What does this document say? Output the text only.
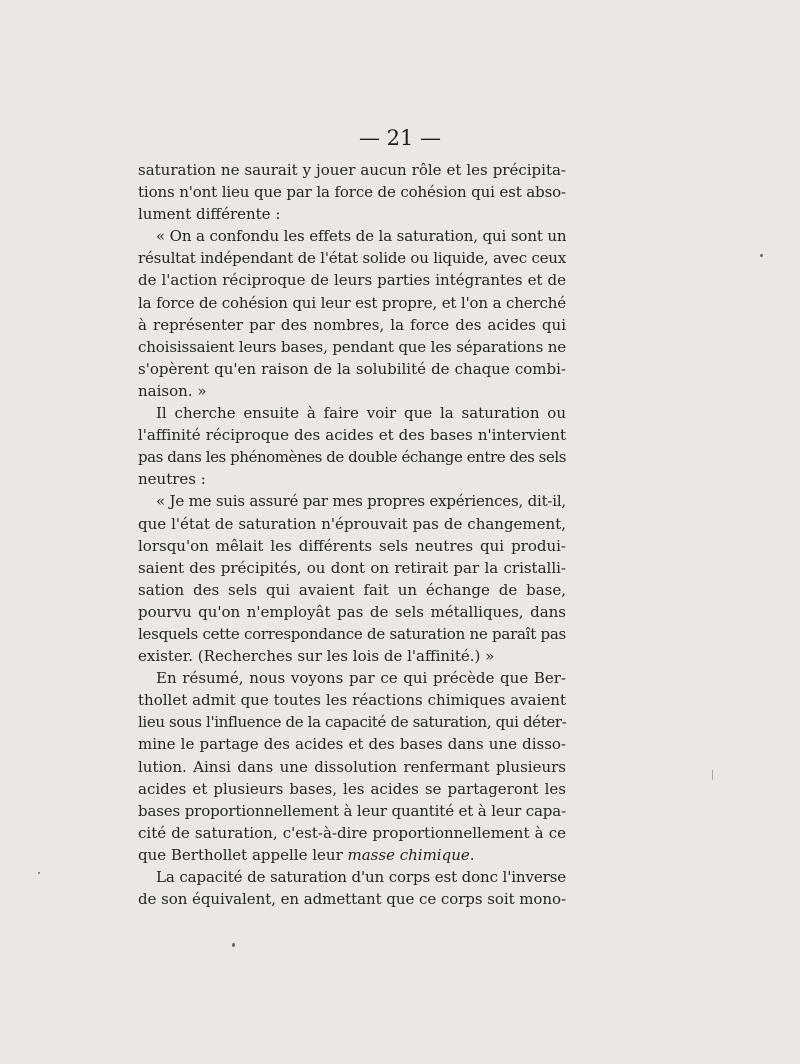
— 21 —
saturation ne saurait y jouer aucun rôle et les précipita-
tions n'ont lieu que par la force de cohésion qui est abso-
lument différente :
« On a confondu les effets de la saturation, qui sont un
résultat indépendant de l'état solide ou liquide, avec ceux
de l'action réciproque de leurs parties intégrantes et de
la force de cohésion qui leur est propre, et l'on a cherché
à représenter par des nombres, la force des acides qui
choisissaient leurs bases, pendant que les séparations ne
s'opèrent qu'en raison de la solubilité de chaque combi-
naison. »
Il cherche ensuite à faire voir que la saturation ou
l'affinité réciproque des acides et des bases n'intervient
pas dans les phénomènes de double échange entre des sels
neutres :
« Je me suis assuré par mes propres expériences, dit-il,
que l'état de saturation n'éprouvait pas de changement,
lorsqu'on mêlait les différents sels neutres qui produi-
saient des précipités, ou dont on retirait par la cristalli-
sation des sels qui avaient fait un échange de base,
pourvu qu'on n'employât pas de sels métalliques, dans
lesquels cette correspondance de saturation ne paraît pas
exister. (Recherches sur les lois de l'affinité.) »
En résumé, nous voyons par ce qui précède que Ber-
thollet admit que toutes les réactions chimiques avaient
lieu sous l'influence de la capacité de saturation, qui déter-
mine le partage des acides et des bases dans une disso-
lution. Ainsi dans une dissolution renfermant plusieurs
acides et plusieurs bases, les acides se partageront les
bases proportionnellement à leur quantité et à leur capa-
cité de saturation, c'est-à-dire proportionnellement à ce
que Berthollet appelle leur masse chimique.
La capacité de saturation d'un corps est donc l'inverse
de son équivalent, en admettant que ce corps soit mono-
